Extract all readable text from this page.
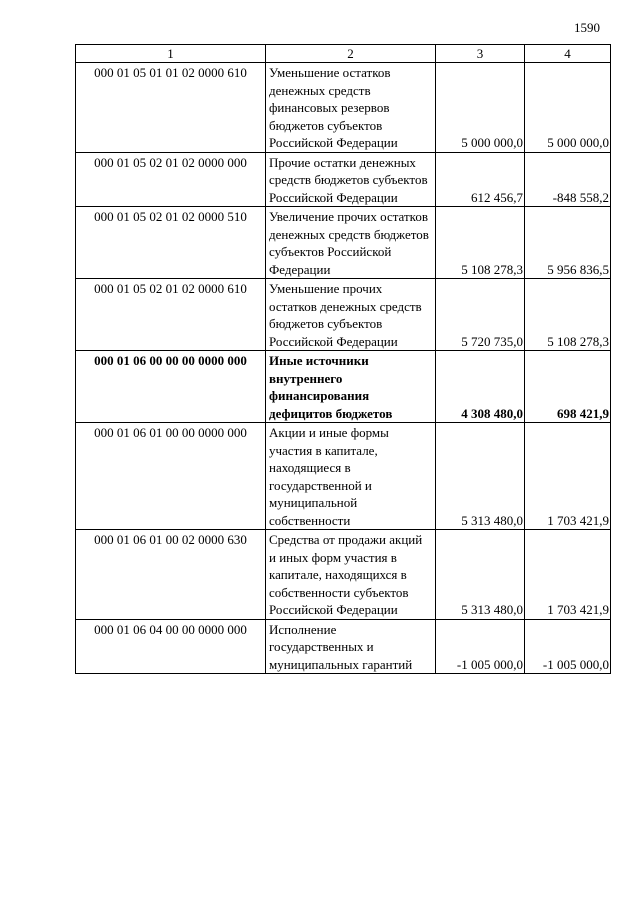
1590
1	2	3	4
000 01 05 01 01 02 0000 610	Уменьшение остатков денежных средств финансовых резервов бюджетов субъектов Российской Федерации	5 000 000,0	5 000 000,0
000 01 05 02 01 02 0000 000	Прочие остатки денежных средств бюджетов субъектов Российской Федерации	612 456,7	-848 558,2
000 01 05 02 01 02 0000 510	Увеличение прочих остатков денежных средств бюджетов субъектов Российской Федерации	5 108 278,3	5 956 836,5
000 01 05 02 01 02 0000 610	Уменьшение прочих остатков денежных средств бюджетов субъектов Российской Федерации	5 720 735,0	5 108 278,3
000 01 06 00 00 00 0000 000	Иные источники внутреннего финансирования дефицитов бюджетов	4 308 480,0	698 421,9
000 01 06 01 00 00 0000 000	Акции и иные формы участия в капитале, находящиеся в государственной и муниципальной собственности	5 313 480,0	1 703 421,9
000 01 06 01 00 02 0000 630	Средства от продажи акций и иных форм участия в капитале, находящихся в собственности субъектов Российской Федерации	5 313 480,0	1 703 421,9
000 01 06 04 00 00 0000 000	Исполнение государственных и муниципальных гарантий	-1 005 000,0	-1 005 000,0
